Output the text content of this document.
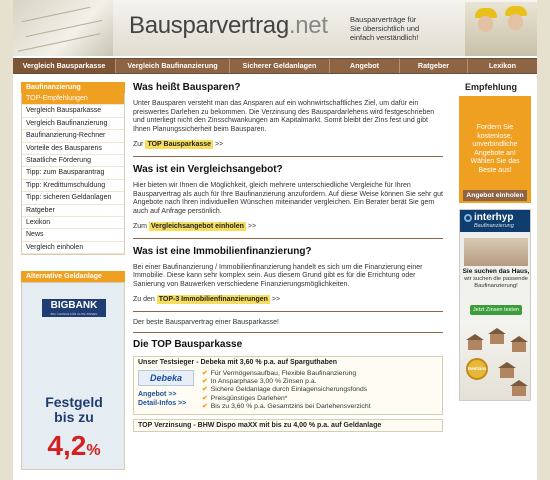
Bausparvertrag.net	Bausparverträge für
Sie übersichtlich und
einfach verständlich!
Vergleich Bausparkasse	Vergleich Baufinanzierung	Sicherer Geldanlagen	Angebot	Ratgeber	Lexikon
Baufinanzierung
TOP-Empfehlungen
Vergleich Bausparkasse
Vergleich Baufinanzierung
Baufinanzierung-Rechner
Vorteile des Bausparens
Staatliche Förderung
Tipp: zum Bausparantrag
Tipp: Kredittumschuldung
Tipp: sicheren Geldanlagen
Ratgeber
Lexikon
News
Vergleich einholen
Alternative Geldanlage
BIGBANK
BIG CHANCE FÜR GUTE ZINSEN
Festgeld
bis zu
4,2%
Was heißt Bausparen?

Unter Bausparen versteht man das Ansparen auf ein wohnwirtschaftliches Ziel, um dafür ein preiswertes Darlehen zu bekommen. Die Verzinsung des Bauspardarlehens wird festgeschrieben und unterliegt nicht den Zinsschwankungen am Kapitalmarkt. Somit bleibt der Zins fest und gibt Ihnen Planungssicherheit beim Bausparen.

Zur TOP Bausparkasse >>
Was ist ein Vergleichsangebot?

Hier bieten wir Ihnen die Möglichkeit, gleich mehrere unterschiedliche Vergleiche für Ihren Bausparvertrag als auch für Ihre Baufinanzierung anzufordern. Auf diese Weise können Sie sehr gut Angebote nach Ihren individuellen Wünschen miteinander vergleichen. Ein Berater berät Sie gern auch auf Anfrage persönlich.

Zum Vergleichsangebot einholen >>
Was ist eine Immobilienfinanzierung?

Bei einer Baufinanzierung / Immobilienfinanzierung handelt es sich um die Finanzierung einer Immobilie. Diese kann sehr komplex sein. Aus diesem Grund gibt es für die Errichtung oder Sanierung von Bauwerken verschiedene Finanzierungsmöglichkeiten.

Zu den TOP-3 Immobilienfinanzierungen >>
Der beste Bausparvertrag einer Bausparkasse!
Die TOP Bausparkasse
Unser Testsieger - Debeka mit 3,60 % p.a. auf Sparguthaben
Debeka
Angebot >>
Detail-Infos >>
✔ Für Vermögensaufbau, Flexible Baufinanzierung
✔ In Ansparphase 3,00 % Zinsen p.a.
✔ Sichere Geldanlage durch Einlagensicherungsfonds
✔ Preisgünstiges Darlehen*
✔ Bis zu 3,60 % p.a. Gesamtzins bei Darlehensverzicht
TOP Verzinsung - BHW Dispo maXX mit bis zu 4,00 % p.a. auf Geldanlage
Empfehlung
Fordern Sie kostenlose, unverbindliche Angebote an! Wählen Sie das Beste aus!
Angebot einholen
interhyp
Baufinanzierung
Sie suchen das Haus,
wir suchen die passende Baufinanzierung!
Jetzt Zinsen testen
Bestzins
